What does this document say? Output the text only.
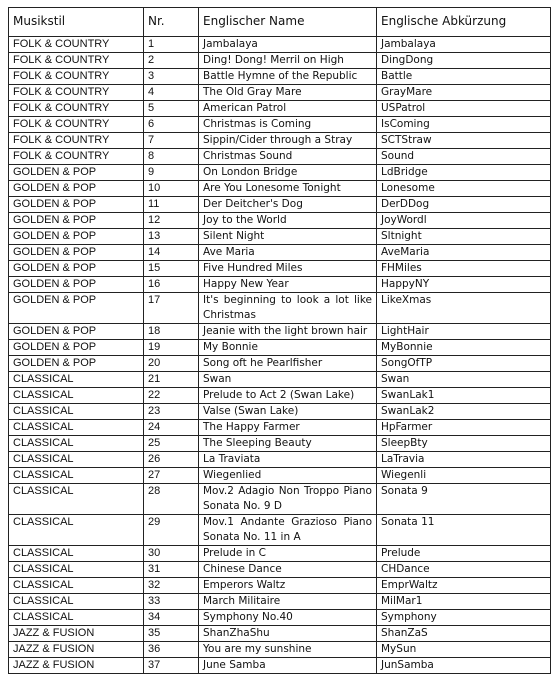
Musikstil	Nr.	Englischer Name	Englische Abkürzung
FOLK & COUNTRY	1	Jambalaya	Jambalaya
FOLK & COUNTRY	2	Ding! Dong! Merril on High	DingDong
FOLK & COUNTRY	3	Battle Hymne of the Republic	Battle
FOLK & COUNTRY	4	The Old Gray Mare	GrayMare
FOLK & COUNTRY	5	American Patrol	USPatrol
FOLK & COUNTRY	6	Christmas is Coming	IsComing
FOLK & COUNTRY	7	Sippin/Cider through a Stray	SCTStraw
FOLK & COUNTRY	8	Christmas Sound	Sound
GOLDEN & POP	9	On London Bridge	LdBridge
GOLDEN & POP	10	Are You Lonesome Tonight	Lonesome
GOLDEN & POP	11	Der Deitcher's Dog	DerDDog
GOLDEN & POP	12	Joy to the World	JoyWordl
GOLDEN & POP	13	Silent Night	Sltnight
GOLDEN & POP	14	Ave Maria	AveMaria
GOLDEN & POP	15	Five Hundred Miles	FHMiles
GOLDEN & POP	16	Happy New Year	HappyNY
GOLDEN & POP	17	It's beginning to look a lot like Christmas	LikeXmas
GOLDEN & POP	18	Jeanie with the light brown hair	LightHair
GOLDEN & POP	19	My Bonnie	MyBonnie
GOLDEN & POP	20	Song oft he Pearlfisher	SongOfTP
CLASSICAL	21	Swan	Swan
CLASSICAL	22	Prelude to Act 2 (Swan Lake)	SwanLak1
CLASSICAL	23	Valse (Swan Lake)	SwanLak2
CLASSICAL	24	The Happy Farmer	HpFarmer
CLASSICAL	25	The Sleeping Beauty	SleepBty
CLASSICAL	26	La Traviata	LaTravia
CLASSICAL	27	Wiegenlied	Wiegenli
CLASSICAL	28	Mov.2 Adagio Non Troppo Piano Sonata No. 9 D	Sonata 9
CLASSICAL	29	Mov.1 Andante Grazioso Piano Sonata No. 11 in A	Sonata 11
CLASSICAL	30	Prelude in C	Prelude
CLASSICAL	31	Chinese Dance	CHDance
CLASSICAL	32	Emperors Waltz	EmprWaltz
CLASSICAL	33	March Militaire	MilMar1
CLASSICAL	34	Symphony No.40	Symphony
JAZZ & FUSION	35	ShanZhaShu	ShanZaS
JAZZ & FUSION	36	You are my sunshine	MySun
JAZZ & FUSION	37	June Samba	JunSamba
